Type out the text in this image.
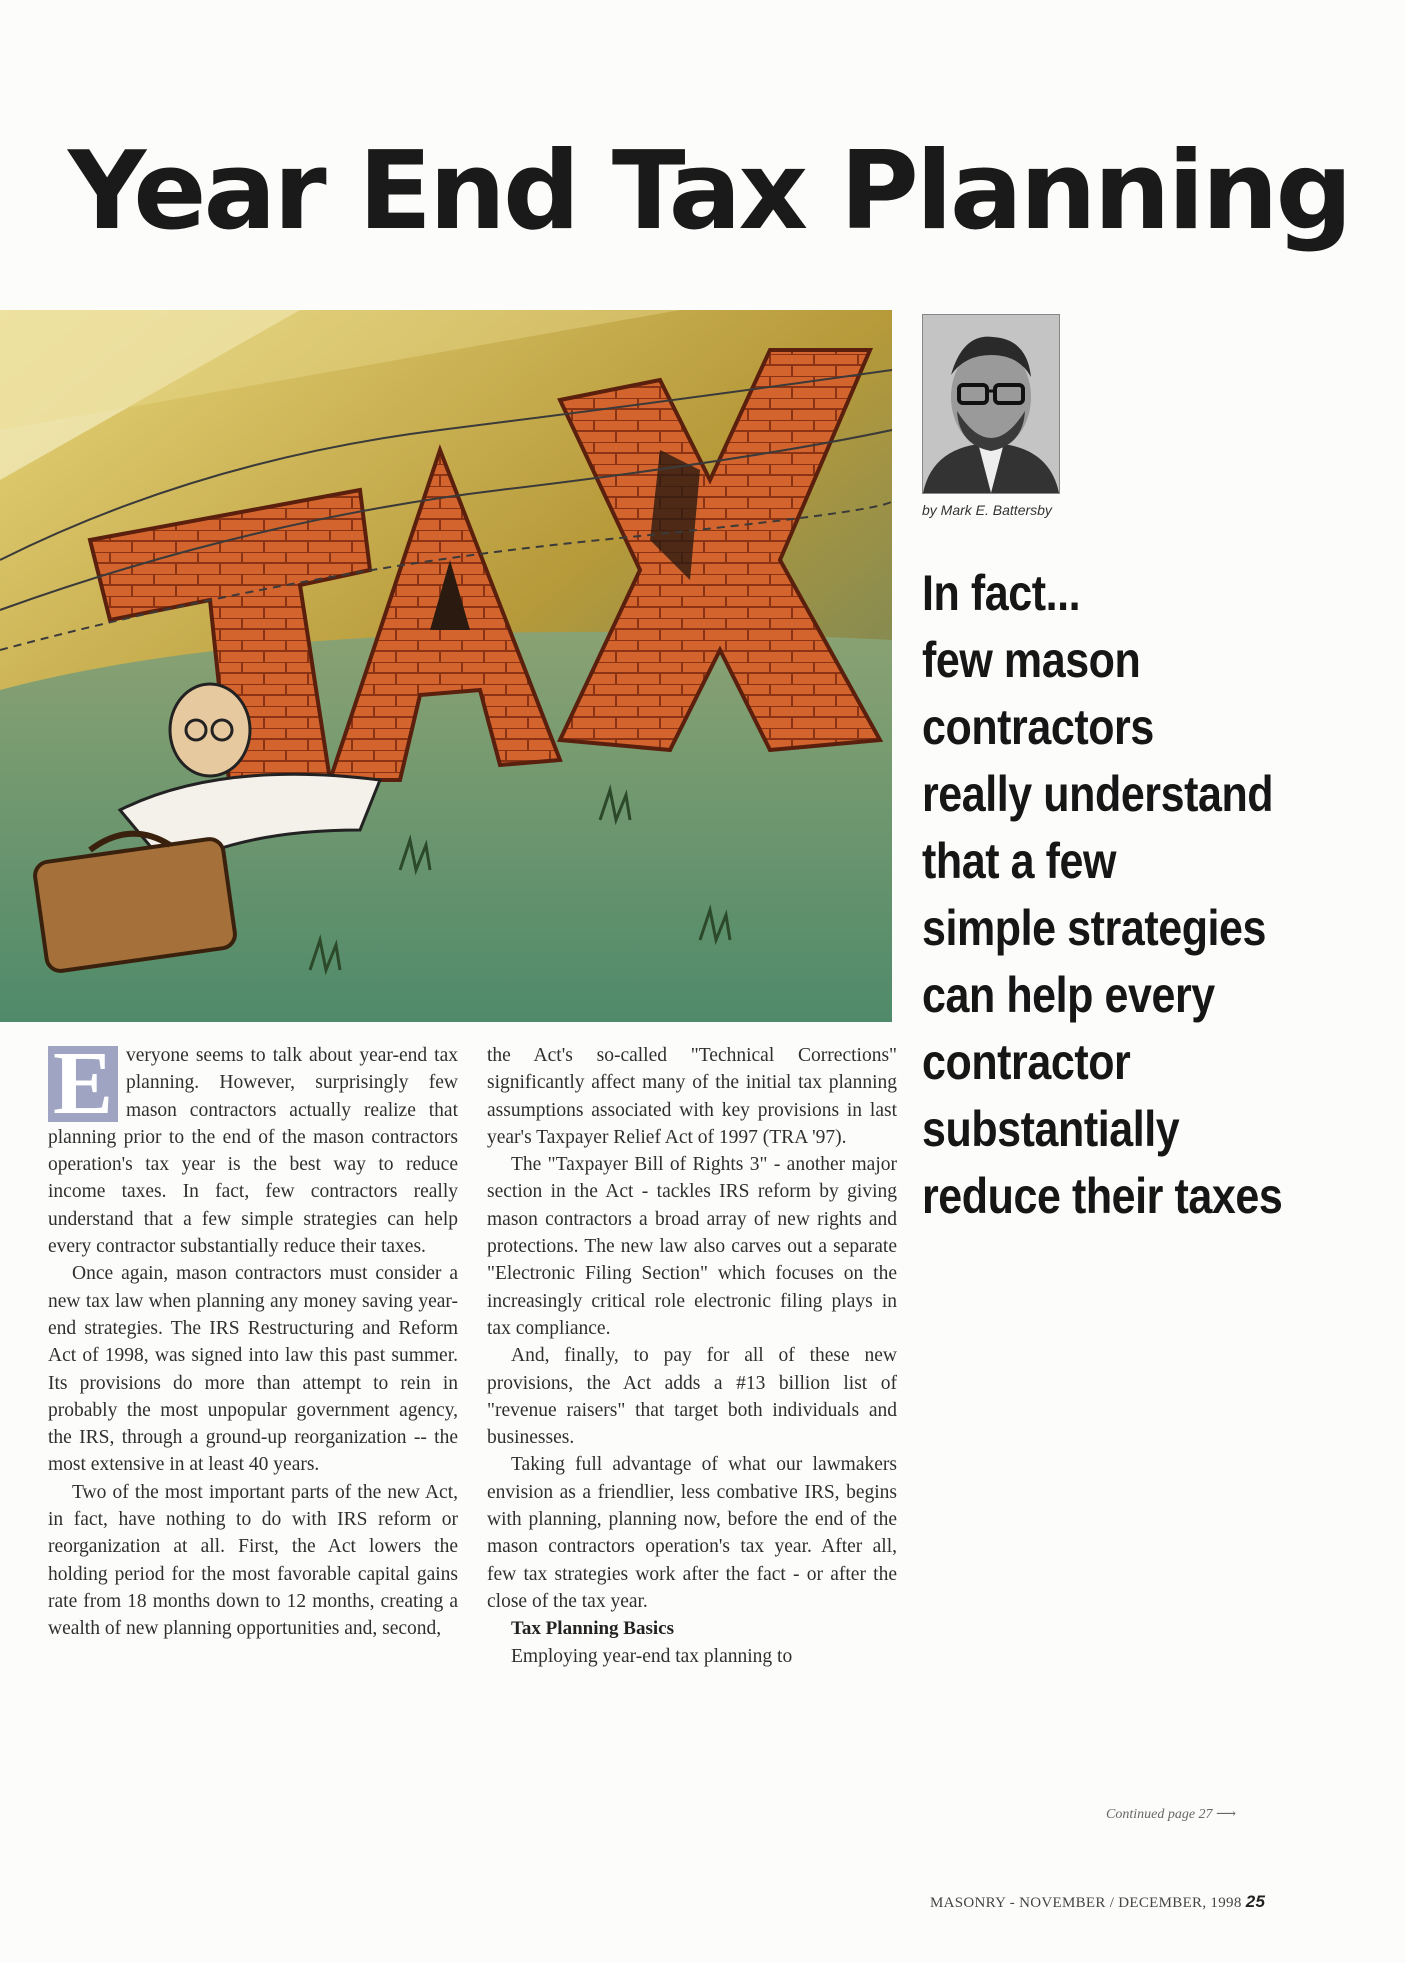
Year End Tax Planning
by Mark E. Battersby
In fact...
few mason
contractors
really understand
that a few
simple strategies
can help every
contractor
substantially
reduce their taxes

E veryone seems to talk about year-end tax planning. However, surprisingly few mason contractors actually realize that planning prior to the end of the mason contractors operation's tax year is the best way to reduce income taxes. In fact, few contractors really understand that a few simple strategies can help every contractor substantially reduce their taxes.

Once again, mason contractors must consider a new tax law when planning any money saving year-end strategies. The IRS Restructuring and Reform Act of 1998, was signed into law this past summer. Its provisions do more than attempt to rein in probably the most unpopular government agency, the IRS, through a ground-up reorganization -- the most extensive in at least 40 years.

Two of the most important parts of the new Act, in fact, have nothing to do with IRS reform or reorganization at all. First, the Act lowers the holding period for the most favorable capital gains rate from 18 months down to 12 months, creating a wealth of new planning opportunities and, second,

the Act's so-called "Technical Corrections" significantly affect many of the initial tax planning assumptions associated with key provisions in last year's Taxpayer Relief Act of 1997 (TRA '97).

The "Taxpayer Bill of Rights 3" - another major section in the Act - tackles IRS reform by giving mason contractors a broad array of new rights and protections. The new law also carves out a separate "Electronic Filing Section" which focuses on the increasingly critical role electronic filing plays in tax compliance.

And, finally, to pay for all of these new provisions, the Act adds a #13 billion list of "revenue raisers" that target both individuals and businesses.

Taking full advantage of what our lawmakers envision as a friendlier, less combative IRS, begins with planning, planning now, before the end of the mason contractors operation's tax year. After all, few tax strategies work after the fact - or after the close of the tax year.

Tax Planning Basics

Employing year-end tax planning to

Continued page 27 ⟶
MASONRY - NOVEMBER / DECEMBER, 1998 25
